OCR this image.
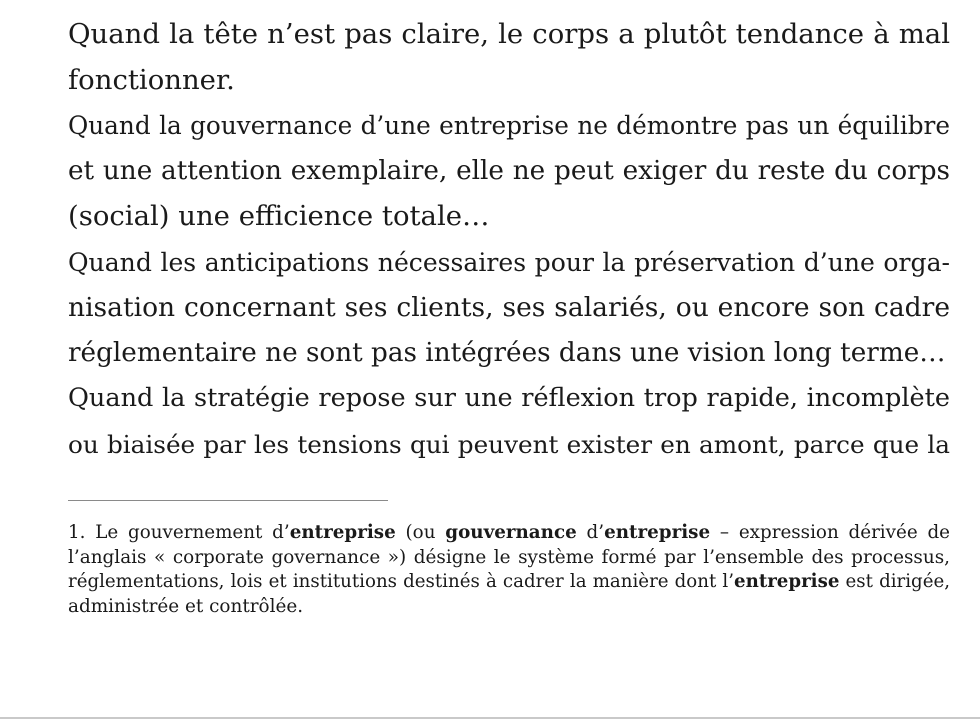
Quand la tête n’est pas claire, le corps a plutôt tendance à mal

fonctionner.

Quand la gouvernance d’une entreprise ne démontre pas un équilibre

et une attention exemplaire, elle ne peut exiger du reste du corps

(social) une efficience totale…

Quand les anticipations nécessaires pour la préservation d’une orga-

nisation concernant ses clients, ses salariés, ou encore son cadre

réglementaire ne sont pas intégrées dans une vision long terme…

Quand la stratégie repose sur une réflexion trop rapide, incomplète

ou biaisée par les tensions qui peuvent exister en amont, parce que la

1. Le gouvernement d’entreprise (ou gouvernance d’entreprise – expression dérivée de

l’anglais « corporate governance ») désigne le système formé par l’ensemble des processus,

réglementations, lois et institutions destinés à cadrer la manière dont l’entreprise est dirigée,

administrée et contrôlée.
